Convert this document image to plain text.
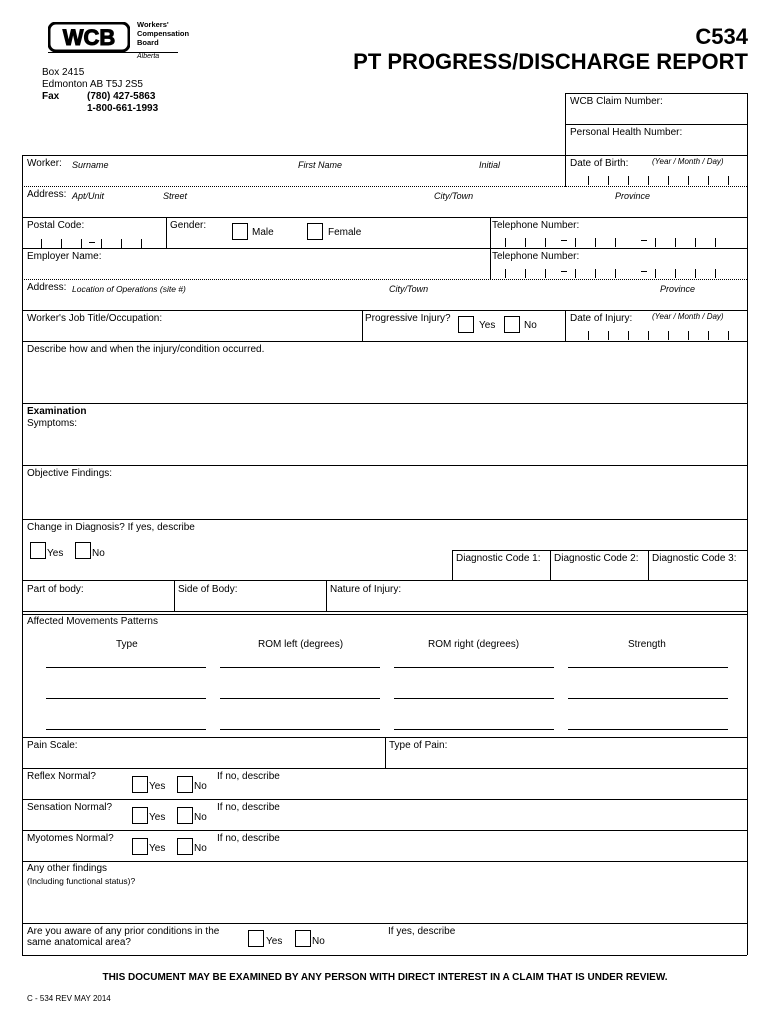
WCB
Workers'
Compensation
Board
Alberta
Box 2415
Edmonton AB T5J 2S5
Fax	(780) 427-5863
1-800-661-1993
C534
PT PROGRESS/DISCHARGE REPORT
WCB Claim Number:
Personal Health Number:
Worker: Surname	First Name	Initial	Date of Birth:	(Year / Month / Day)
Address: Apt/Unit	Street	City/Town	Province
Postal Code:	Gender:
Male	Female
Telephone Number:
Employer Name:	Telephone Number:
Address: Location of Operations (site #)	City/Town	Province
Worker's Job Title/Occupation:	Progressive Injury?
Yes	No
Date of Injury: (Year / Month / Day)
Describe how and when the injury/condition occurred.
Examination
Symptoms:
Objective Findings:
Change in Diagnosis? If yes, describe
Yes	No	Diagnostic Code 1: Diagnostic Code 2: Diagnostic Code 3:
Part of body:	Side of Body:	Nature of Injury:
Affected Movements Patterns
Type	ROM left (degrees)	ROM right (degrees)	Strength
Pain Scale:	Type of Pain:
Reflex Normal?
Yes	No
If no, describe
Sensation Normal?
Yes	No
If no, describe
Myotomes Normal?
Yes	No
If no, describe
Any other findings
(Including functional status)?
Are you aware of any prior conditions in the
same anatomical area?	Yes	No
If yes, describe
THIS DOCUMENT MAY BE EXAMINED BY ANY PERSON WITH DIRECT INTEREST IN A CLAIM THAT IS UNDER REVIEW.
C - 534 REV MAY 2014
